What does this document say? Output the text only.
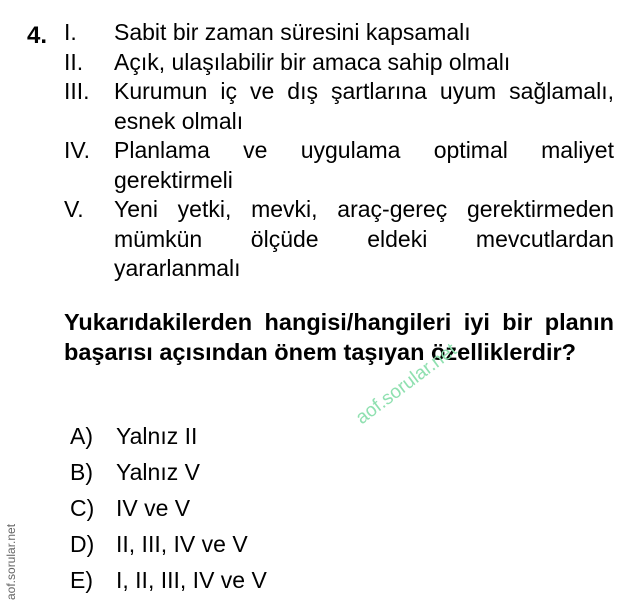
4. I.	Sabit bir zaman süresini kapsamalı
II.	Açık, ulaşılabilir bir amaca sahip olmalı
III.	Kurumun iç ve dış şartlarına uyum sağlamalı, esnek olmalı
IV.	Planlama ve uygulama optimal maliyet gerektirmeli
V.	Yeni yetki, mevki, araç-gereç gerektirmeden mümkün ölçüde eldeki mevcutlardan yararlanmalı
Yukarıdakilerden hangisi/hangileri iyi bir planın başarısı açısından önem taşıyan özelliklerdir?
A)	Yalnız II
B)	Yalnız V
C) IV ve V
D) II, III, IV ve V
E)	I, II, III, IV ve V
aof.sorular.net
aof.sorular.net
